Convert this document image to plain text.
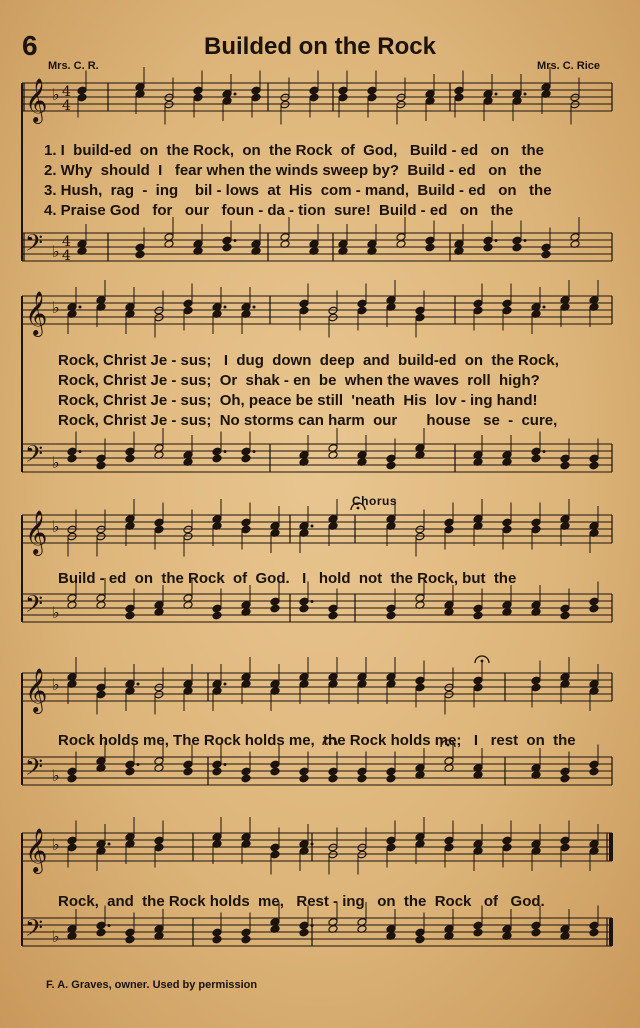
6	Builded on the Rock
Mrs. C. R.	Mrs. C. Rice
𝄞
𝄢
♭
♭
4
4
4
4
𝄞
𝄢
♭
♭
𝄞
𝄢
♭
♭
𝄞
𝄢
♭
♭
𝄞
𝄢
♭
♭
1. I  build-ed  on  the Rock,  on  the Rock  of  God,   Build - ed   on   the
2. Why  should  I   fear when the winds sweep by?  Build - ed   on   the
3. Hush,  rag  -  ing    bil - lows  at  His  com - mand,  Build - ed   on   the
4. Praise God   for   our   foun - da - tion  sure!  Build - ed   on   the
Rock, Christ Je - sus;   I  dug  down  deep  and  build-ed  on  the Rock,
Rock, Christ Je - sus;  Or  shak - en  be  when the waves  roll  high?
Rock, Christ Je - sus;  Oh, peace be still  'neath  His  lov - ing hand!
Rock, Christ Je - sus;  No storms can harm  our       house   se  -  cure,
Chorus
Build - ed  on  the Rock  of  God.   I   hold  not  the Rock, but  the
Rock holds me, The Rock holds me,  the Rock holds me;   I   rest  on  the
Rock,  and  the Rock holds  me,   Rest - ing   on  the  Rock   of   God.
F. A. Graves, owner. Used by permission
